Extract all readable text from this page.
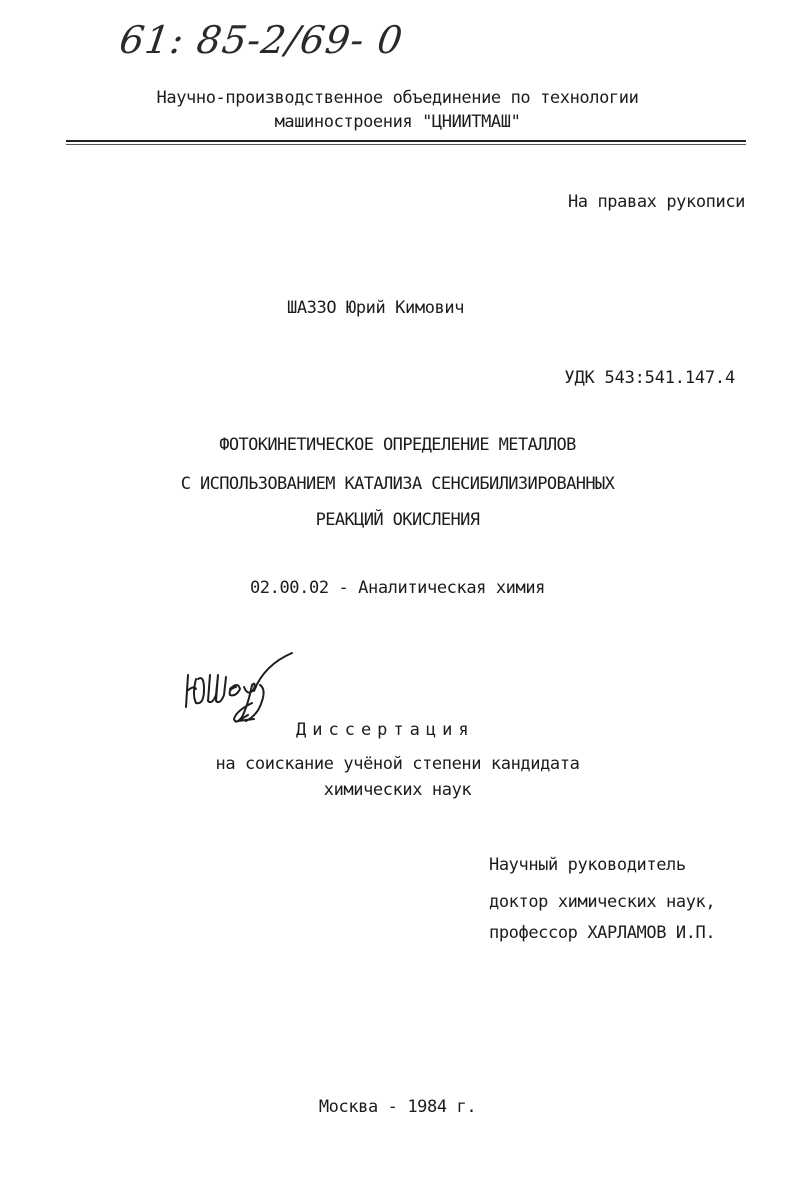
61: 85-2/69- 0
Научно-производственное объединение по технологии
машиностроения "ЦНИИТМАШ"
На правах рукописи
ШАЗЗО Юрий Кимович
УДК 543:541.147.4
ФОТОКИНЕТИЧЕСКОЕ ОПРЕДЕЛЕНИЕ МЕТАЛЛОВ
С ИСПОЛЬЗОВАНИЕМ КАТАЛИЗА СЕНСИБИЛИЗИРОВАННЫХ
РЕАКЦИЙ ОКИСЛЕНИЯ
02.00.02 - Аналитическая химия
Диссертация
на соискание учёной степени кандидата
химических наук
Научный руководитель
доктор химических наук,
профессор ХАРЛАМОВ И.П.
Москва - 1984 г.
